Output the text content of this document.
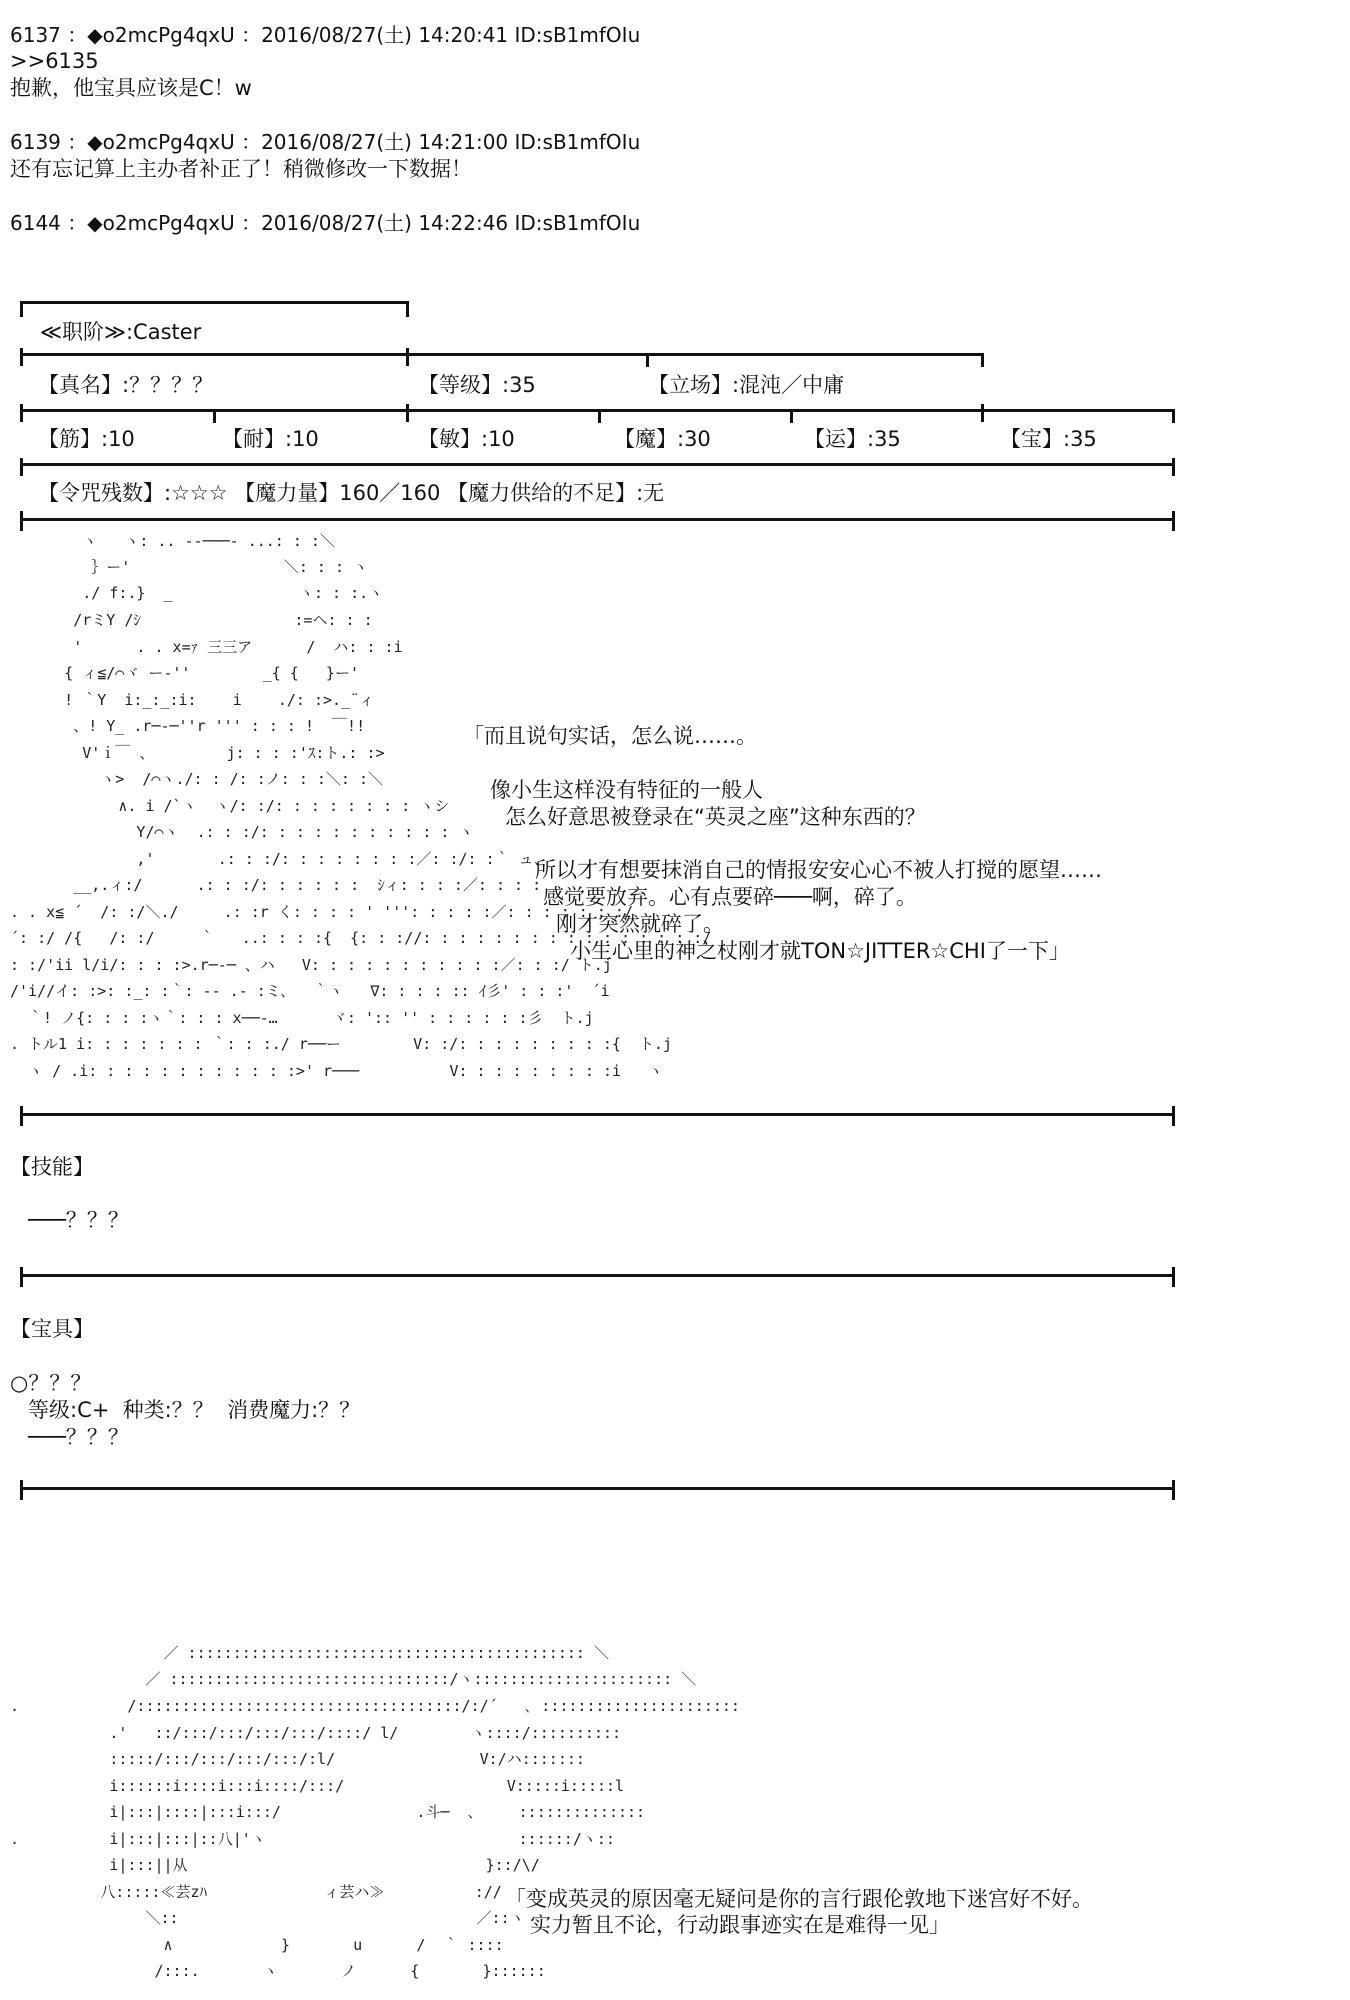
6137 ：◆o2mcPg4qxU ：2016/08/27(土) 14:20:41 ID:sB1mfOIu
>>6135
抱歉，他宝具应该是C！w
6139 ：◆o2mcPg4qxU ：2016/08/27(土) 14:21:00 ID:sB1mfOIu
还有忘记算上主办者补正了！稍微修改一下数据！
6144 ：◆o2mcPg4qxU ：2016/08/27(土) 14:22:46 ID:sB1mfOIu
≪职阶≫:Caster
【真名】:？？？？	【等级】:35	【立场】:混沌／中庸
【筋】:10	【耐】:10	【敏】:10	【魔】:30	【运】:35	【宝】:35
【令咒残数】:☆☆☆ 【魔力量】160／160 【魔力供给的不足】:无
ヽ   ヽ: .. -‐───- ...: : :＼
｝ー'                 ＼: : : ヽ
./ f:.}  _              ヽ: : :.ヽ
/rミY /ｼ                 :=ヘ: : :
'      . . x=ｧ 三三ア      /  ハ: : :i
{ ィ≦/⌒ヾ ー‐''        _{ {   }ー'
! ｀Y  i:_:_:i:    i    ./: :>._¨ィ
、! Y_ .r─‐─''r ''' : : : !  ￣!!
V'ｉ￣ 、        j: : : :'ｽ:ト.: :>
ヽ>  /⌒ヽ./: : /: :ノ: : :＼: :＼
∧. i /`ヽ  ヽ/: :/: : : : : : : : ヽシ
Y/⌒ヽ  .: : :/: : : : : : : : : : : ヽ
,'       .: : :/: : : : : : : :／: :/: :｀ ュ、
__,.ィ:/      .: : :/: : : : : :  ｼィ: : : :／: : : :
. . x≦ ´  /: :/＼./     .: :r く: : : : ' ''': : : : :／: : : : : : :/
´: :/ /{   /: :/     ｀   ..: : : :{  {: : ://: : : : : : : : : : : : : : : :/
: :/'ii l/i/: : : :>.r─‐─ 、ハ   V: : : : : : : : : : :／: : :/ ト.j
/'i//イ: :>: :_: :｀: -‐ .- :ミ、  ｀ヽ   ∇: : : : :: ｲ彡' : : :'  ´i
｀! ノ{: : : :ヽ｀: : : x──‐…      ヾ: ':: '' : : : : : :彡  ト.j
. トル1 i: : : : : : : ｀: : :./ r──ー        V: :/: : : : : : : : :{  ト.j
ヽ / .i: : : : : : : : : : : :>' r───          V: : : : : : : : :i   ヽ
「而且说句实话，怎么说……。
像小生这样没有特征的一般人
怎么好意思被登录在“英灵之座”这种东西的？
所以才有想要抹消自己的情报安安心心不被人打搅的愿望……
感觉要放弃。心有点要碎───啊，碎了。
刚才突然就碎了。
小生心里的神之杖刚才就TON☆JITTER☆CHI了一下」
【技能】
───？？？
【宝具】
○？？？
等级:C+  种类:？？  消费魔力:？？
───？？？
／ :::::::::::::::::::::::::::::::::::::::::::: ＼
／ :::::::::::::::::::::::::::::::/ヽ:::::::::::::::::::::: ＼
.            /::::::::::::::::::::::::::::::::::::/:/´   ､ ::::::::::::::::::::::
.'   ::/:::/:::/:::/:::/::::/ l/        ヽ::::/::::::::::
:::::/:::/:::/:::/:::/:l/                V:/ハ:::::::
i::::::i::::i:::i::::/:::/                  V:::::i:::::l
i|:::|::::|:::i:::/               .斗─  、    ::::::::::::::
.          i|:::|:::|::八|'ヽ                            ::::::/ヽ::
i|:::||从                                 }::/\/
八:::::≪芸zﾊ             ィ芸ハ≫          ://
＼::                                 ／::ヽ
∧            }       u      /  ｀ ::::
/:::.       ヽ       ノ      {       }::::::
「变成英灵的原因毫无疑问是你的言行跟伦敦地下迷宫好不好。
实力暂且不论，行动跟事迹实在是难得一见」
